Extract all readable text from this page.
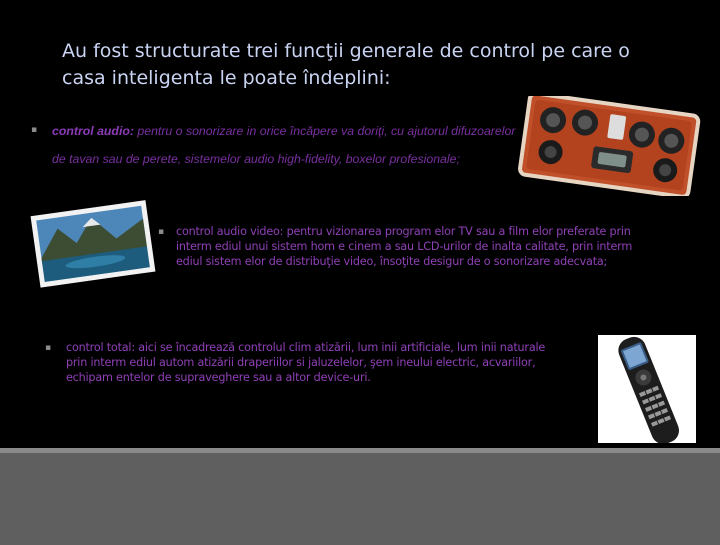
Au fost structurate trei funcţii generale de control pe care o casa inteligenta le poate îndeplini:
▪ control audio: pentru o sonorizare in orice încăpere va doriţi, cu ajutorul difuzoarelor de tavan sau de perete, sistemelor audio high-fidelity, boxelor profesionale;
▪ control audio video: pentru vizionarea program elor TV sau a film elor preferate prin interm ediul unui sistem hom e cinem a sau LCD-urilor de inalta calitate, prin interm ediul sistem elor de distribuţie video, însoţite desigur de o sonorizare adecvata;
▪ control total: aici se încadrează controlul clim atizării, lum inii artificiale, lum inii naturale prin interm ediul autom atizării draperiilor si jaluzelelor, şem ineului electric, acvariilor, echipam entelor de supraveghere sau a altor device-uri.
